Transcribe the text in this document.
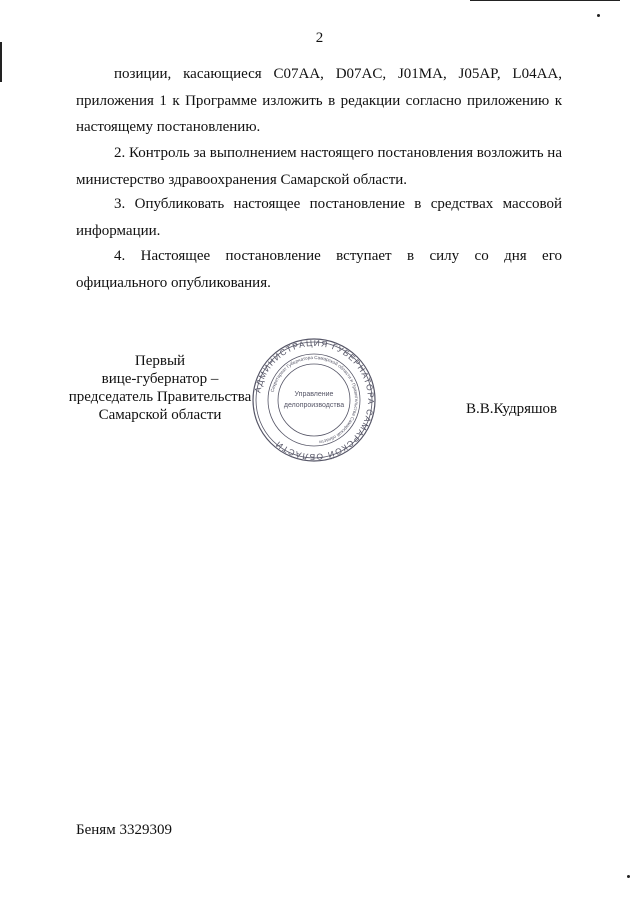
2
позиции, касающиеся С07АА, D07AC, J01MA, J05AP, L04AA,
приложения 1 к Программе изложить в редакции согласно приложению к настоящему постановлению.

2. Контроль за выполнением настоящего постановления возложить на министерство здравоохранения Самарской области.

3. Опубликовать настоящее постановление в средствах массовой информации.

4. Настоящее постановление вступает в силу со дня его официального опубликования.

Первый
вице-губернатор –
председатель Правительства
Самарской области
АДМИНИСТРАЦИЯ ГУБЕРНАТОРА САМАРСКОЙ ОБЛАСТИ
Секретариат Губернатора Самарской области и Правительства Самарской области
Управление
делопроизводства	В.В.Кудряшов
Беням 3329309
